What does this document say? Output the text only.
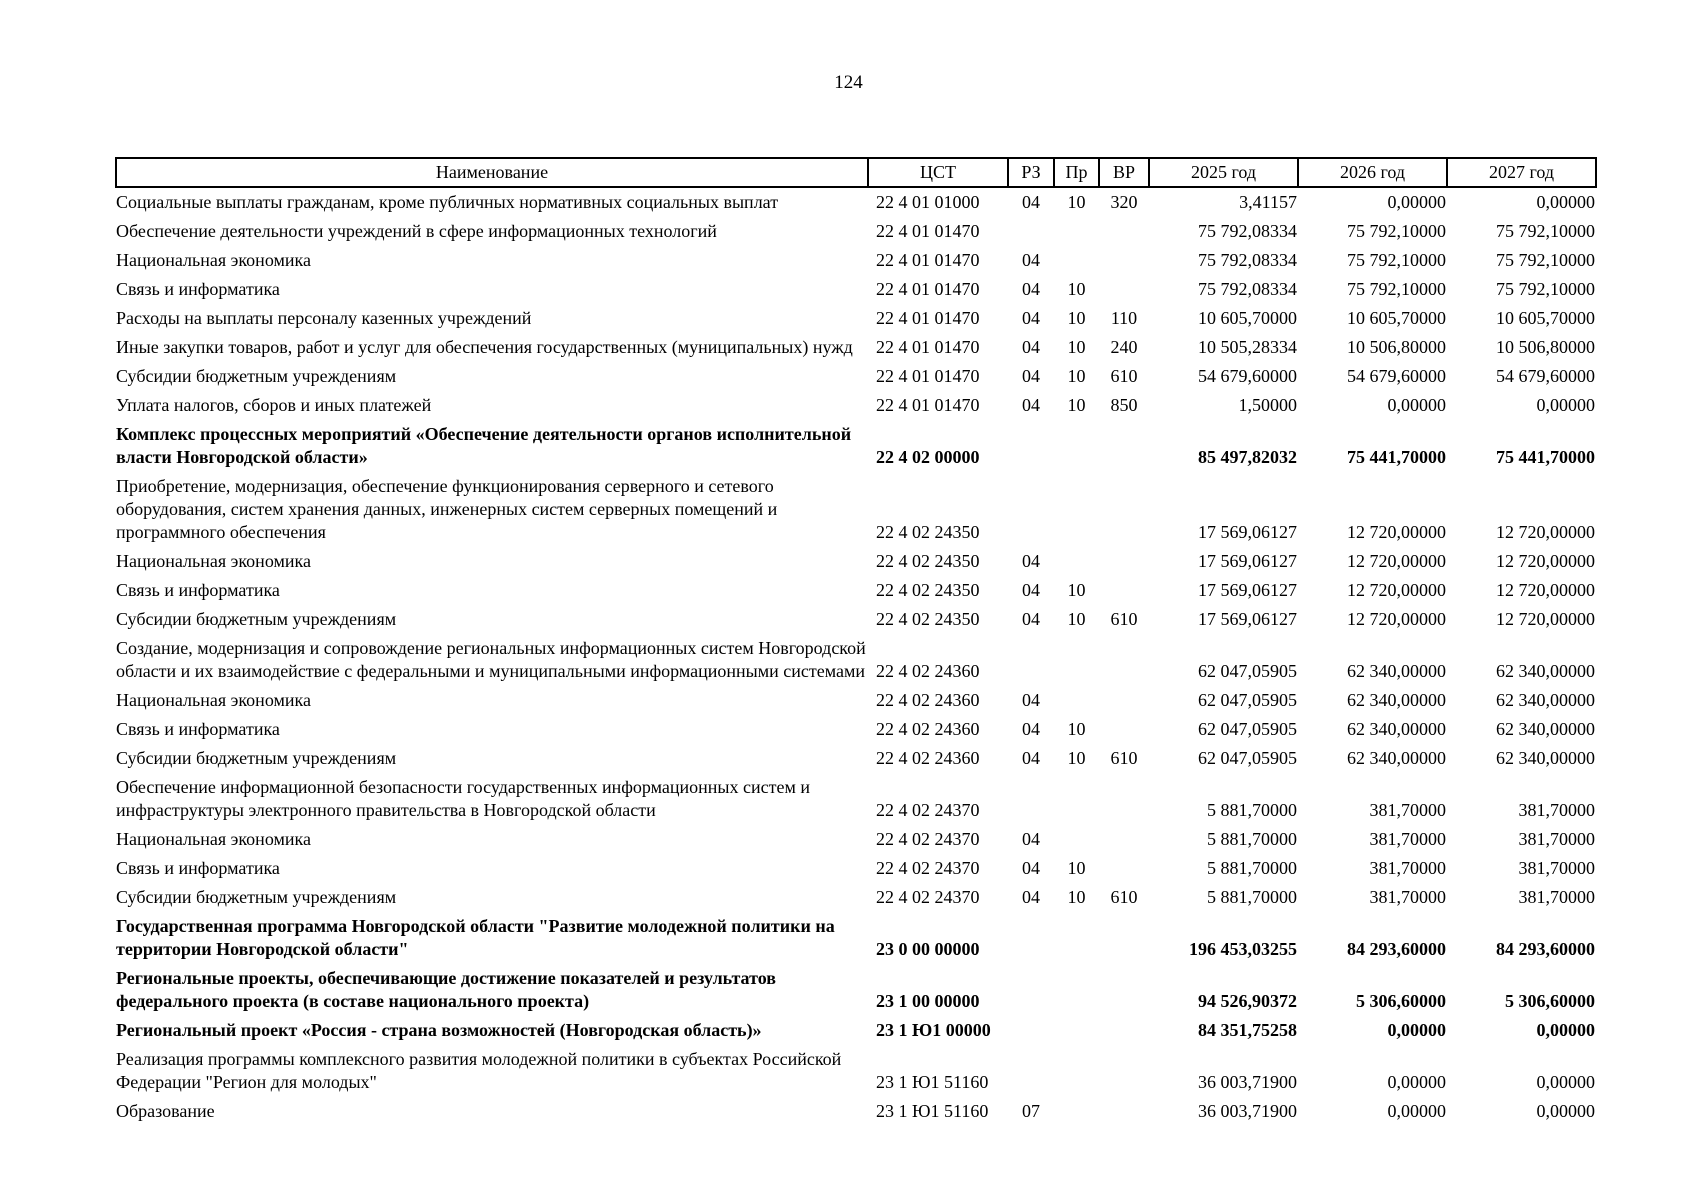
124
Наименование	ЦСТ	РЗ	Пр	ВР	2025 год	2026 год	2027 год
Социальные выплаты гражданам, кроме публичных нормативных социальных выплат	22 4 01 01000	04	10	320	3,41157	0,00000	0,00000
Обеспечение деятельности учреждений в сфере информационных технологий	22 4 01 01470				75 792,08334	75 792,10000	75 792,10000
Национальная экономика	22 4 01 01470	04			75 792,08334	75 792,10000	75 792,10000
Связь и информатика	22 4 01 01470	04	10		75 792,08334	75 792,10000	75 792,10000
Расходы на выплаты персоналу казенных учреждений	22 4 01 01470	04	10	110	10 605,70000	10 605,70000	10 605,70000
Иные закупки товаров, работ и услуг для обеспечения государственных (муниципальных) нужд	22 4 01 01470	04	10	240	10 505,28334	10 506,80000	10 506,80000
Субсидии бюджетным учреждениям	22 4 01 01470	04	10	610	54 679,60000	54 679,60000	54 679,60000
Уплата налогов, сборов и иных платежей	22 4 01 01470	04	10	850	1,50000	0,00000	0,00000
Комплекс процессных мероприятий «Обеспечение деятельности органов исполнительной власти Новгородской области»	22 4 02 00000				85 497,82032	75 441,70000	75 441,70000
Приобретение, модернизация, обеспечение функционирования серверного и сетевого оборудования, систем хранения данных, инженерных систем серверных помещений и программного обеспечения	22 4 02 24350				17 569,06127	12 720,00000	12 720,00000
Национальная экономика	22 4 02 24350	04			17 569,06127	12 720,00000	12 720,00000
Связь и информатика	22 4 02 24350	04	10		17 569,06127	12 720,00000	12 720,00000
Субсидии бюджетным учреждениям	22 4 02 24350	04	10	610	17 569,06127	12 720,00000	12 720,00000
Создание, модернизация и сопровождение региональных информационных систем Новгородской области и их взаимодействие с федеральными и муниципальными информационными системами	22 4 02 24360				62 047,05905	62 340,00000	62 340,00000
Национальная экономика	22 4 02 24360	04			62 047,05905	62 340,00000	62 340,00000
Связь и информатика	22 4 02 24360	04	10		62 047,05905	62 340,00000	62 340,00000
Субсидии бюджетным учреждениям	22 4 02 24360	04	10	610	62 047,05905	62 340,00000	62 340,00000
Обеспечение информационной безопасности государственных информационных систем и инфраструктуры электронного правительства в Новгородской области	22 4 02 24370				5 881,70000	381,70000	381,70000
Национальная экономика	22 4 02 24370	04			5 881,70000	381,70000	381,70000
Связь и информатика	22 4 02 24370	04	10		5 881,70000	381,70000	381,70000
Субсидии бюджетным учреждениям	22 4 02 24370	04	10	610	5 881,70000	381,70000	381,70000
Государственная программа Новгородской области "Развитие молодежной политики на территории Новгородской области"	23 0 00 00000				196 453,03255	84 293,60000	84 293,60000
Региональные проекты, обеспечивающие достижение показателей и результатов федерального проекта (в составе национального проекта)	23 1 00 00000				94 526,90372	5 306,60000	5 306,60000
Региональный проект «Россия - страна возможностей (Новгородская область)»	23 1 Ю1 00000				84 351,75258	0,00000	0,00000
Реализация программы комплексного развития молодежной политики в субъектах Российской Федерации "Регион для молодых"	23 1 Ю1 51160				36 003,71900	0,00000	0,00000
Образование	23 1 Ю1 51160	07			36 003,71900	0,00000	0,00000
